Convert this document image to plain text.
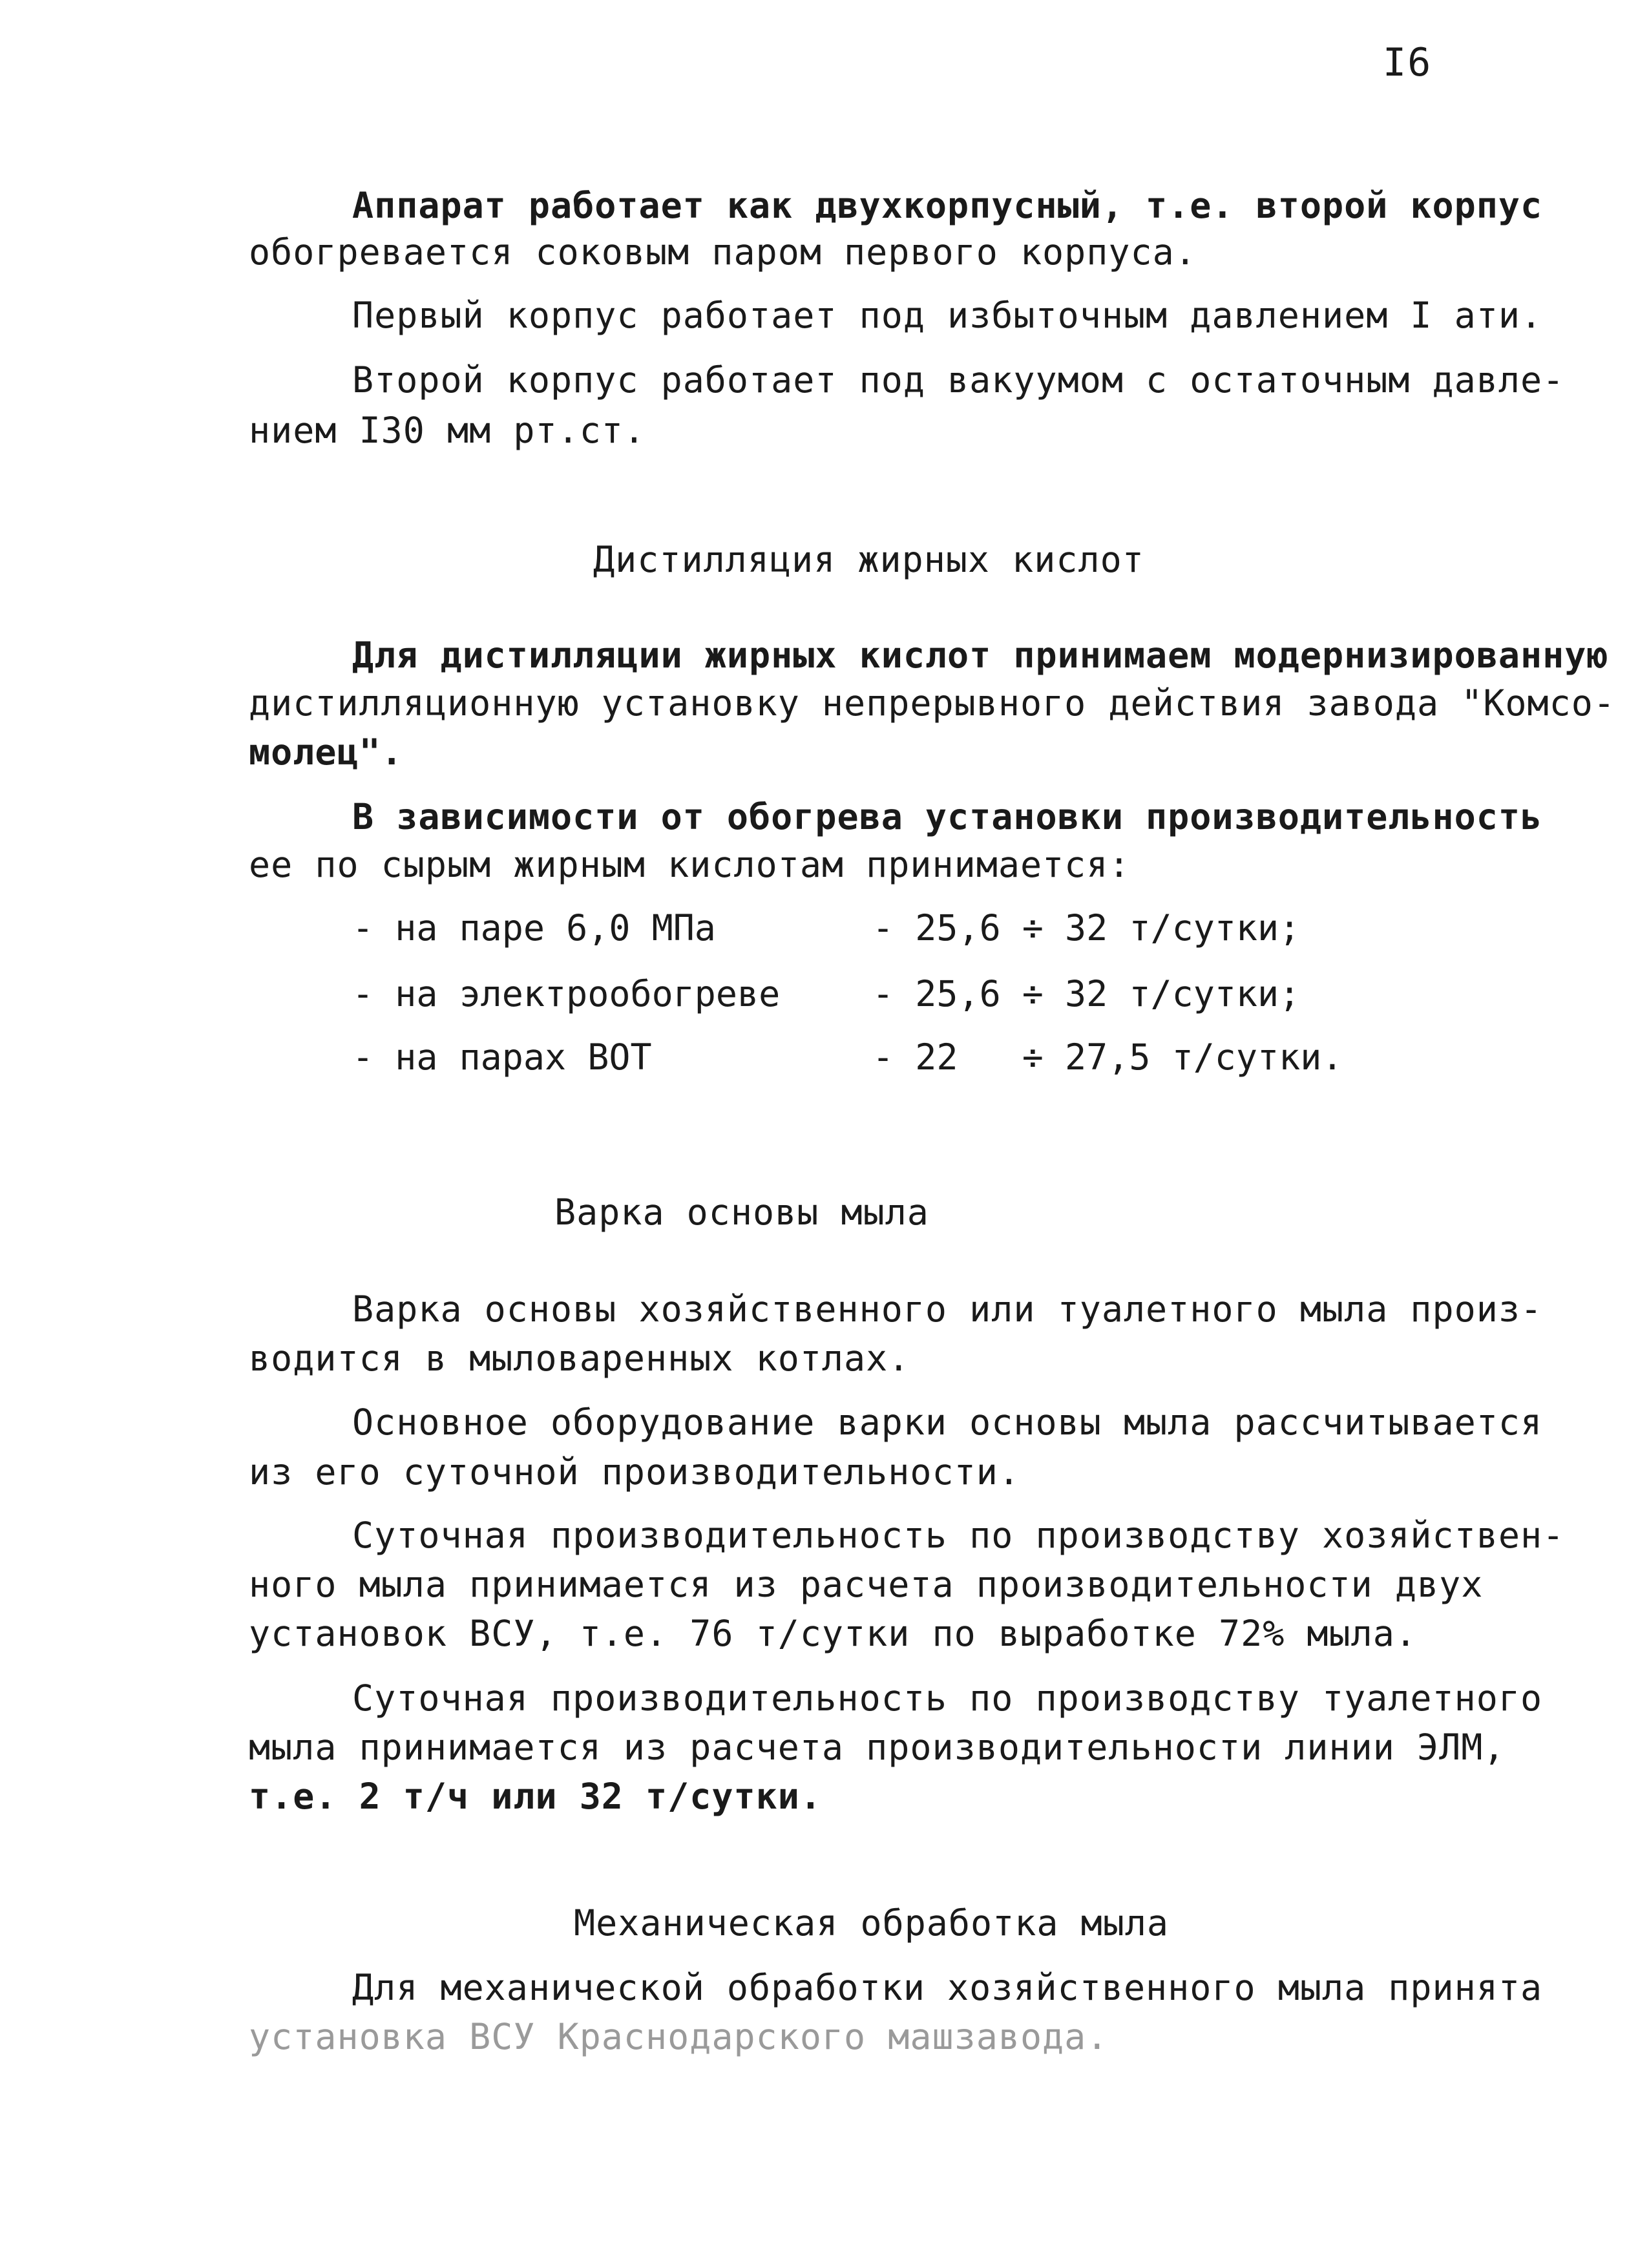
I6
Аппарат работает как двухкорпусный, т.е. второй корпус
обогревается соковым паром первого корпуса.
Первый корпус работает под избыточным давлением I ати.
Второй корпус работает под вакуумом с остаточным давле-
нием I30 мм рт.ст.
Дистилляция жирных кислот
Для дистилляции жирных кислот принимаем модернизированную
дистилляционную установку непрерывного действия завода "Комсо-
молец".
В зависимости от обогрева установки производительность
ее по сырым жирным кислотам принимается:
- на паре 6,0 МПа	- 25,6 ÷ 32 т/сутки;
- на электрообогреве	- 25,6 ÷ 32 т/сутки;
- на парах ВОТ	- 22   ÷ 27,5 т/сутки.
Варка основы мыла
Варка основы хозяйственного или туалетного мыла произ-
водится в мыловаренных котлах.
Основное оборудование варки основы мыла рассчитывается
из его суточной производительности.
Суточная производительность по производству хозяйствен-
ного мыла принимается из расчета производительности двух
установок ВСУ, т.е. 76 т/сутки по выработке 72% мыла.
Суточная производительность по производству туалетного
мыла принимается из расчета производительности линии ЭЛМ,
т.е. 2 т/ч или 32 т/сутки.
Механическая обработка мыла
Для механической обработки хозяйственного мыла принята
установка ВСУ Краснодарского машзавода.
